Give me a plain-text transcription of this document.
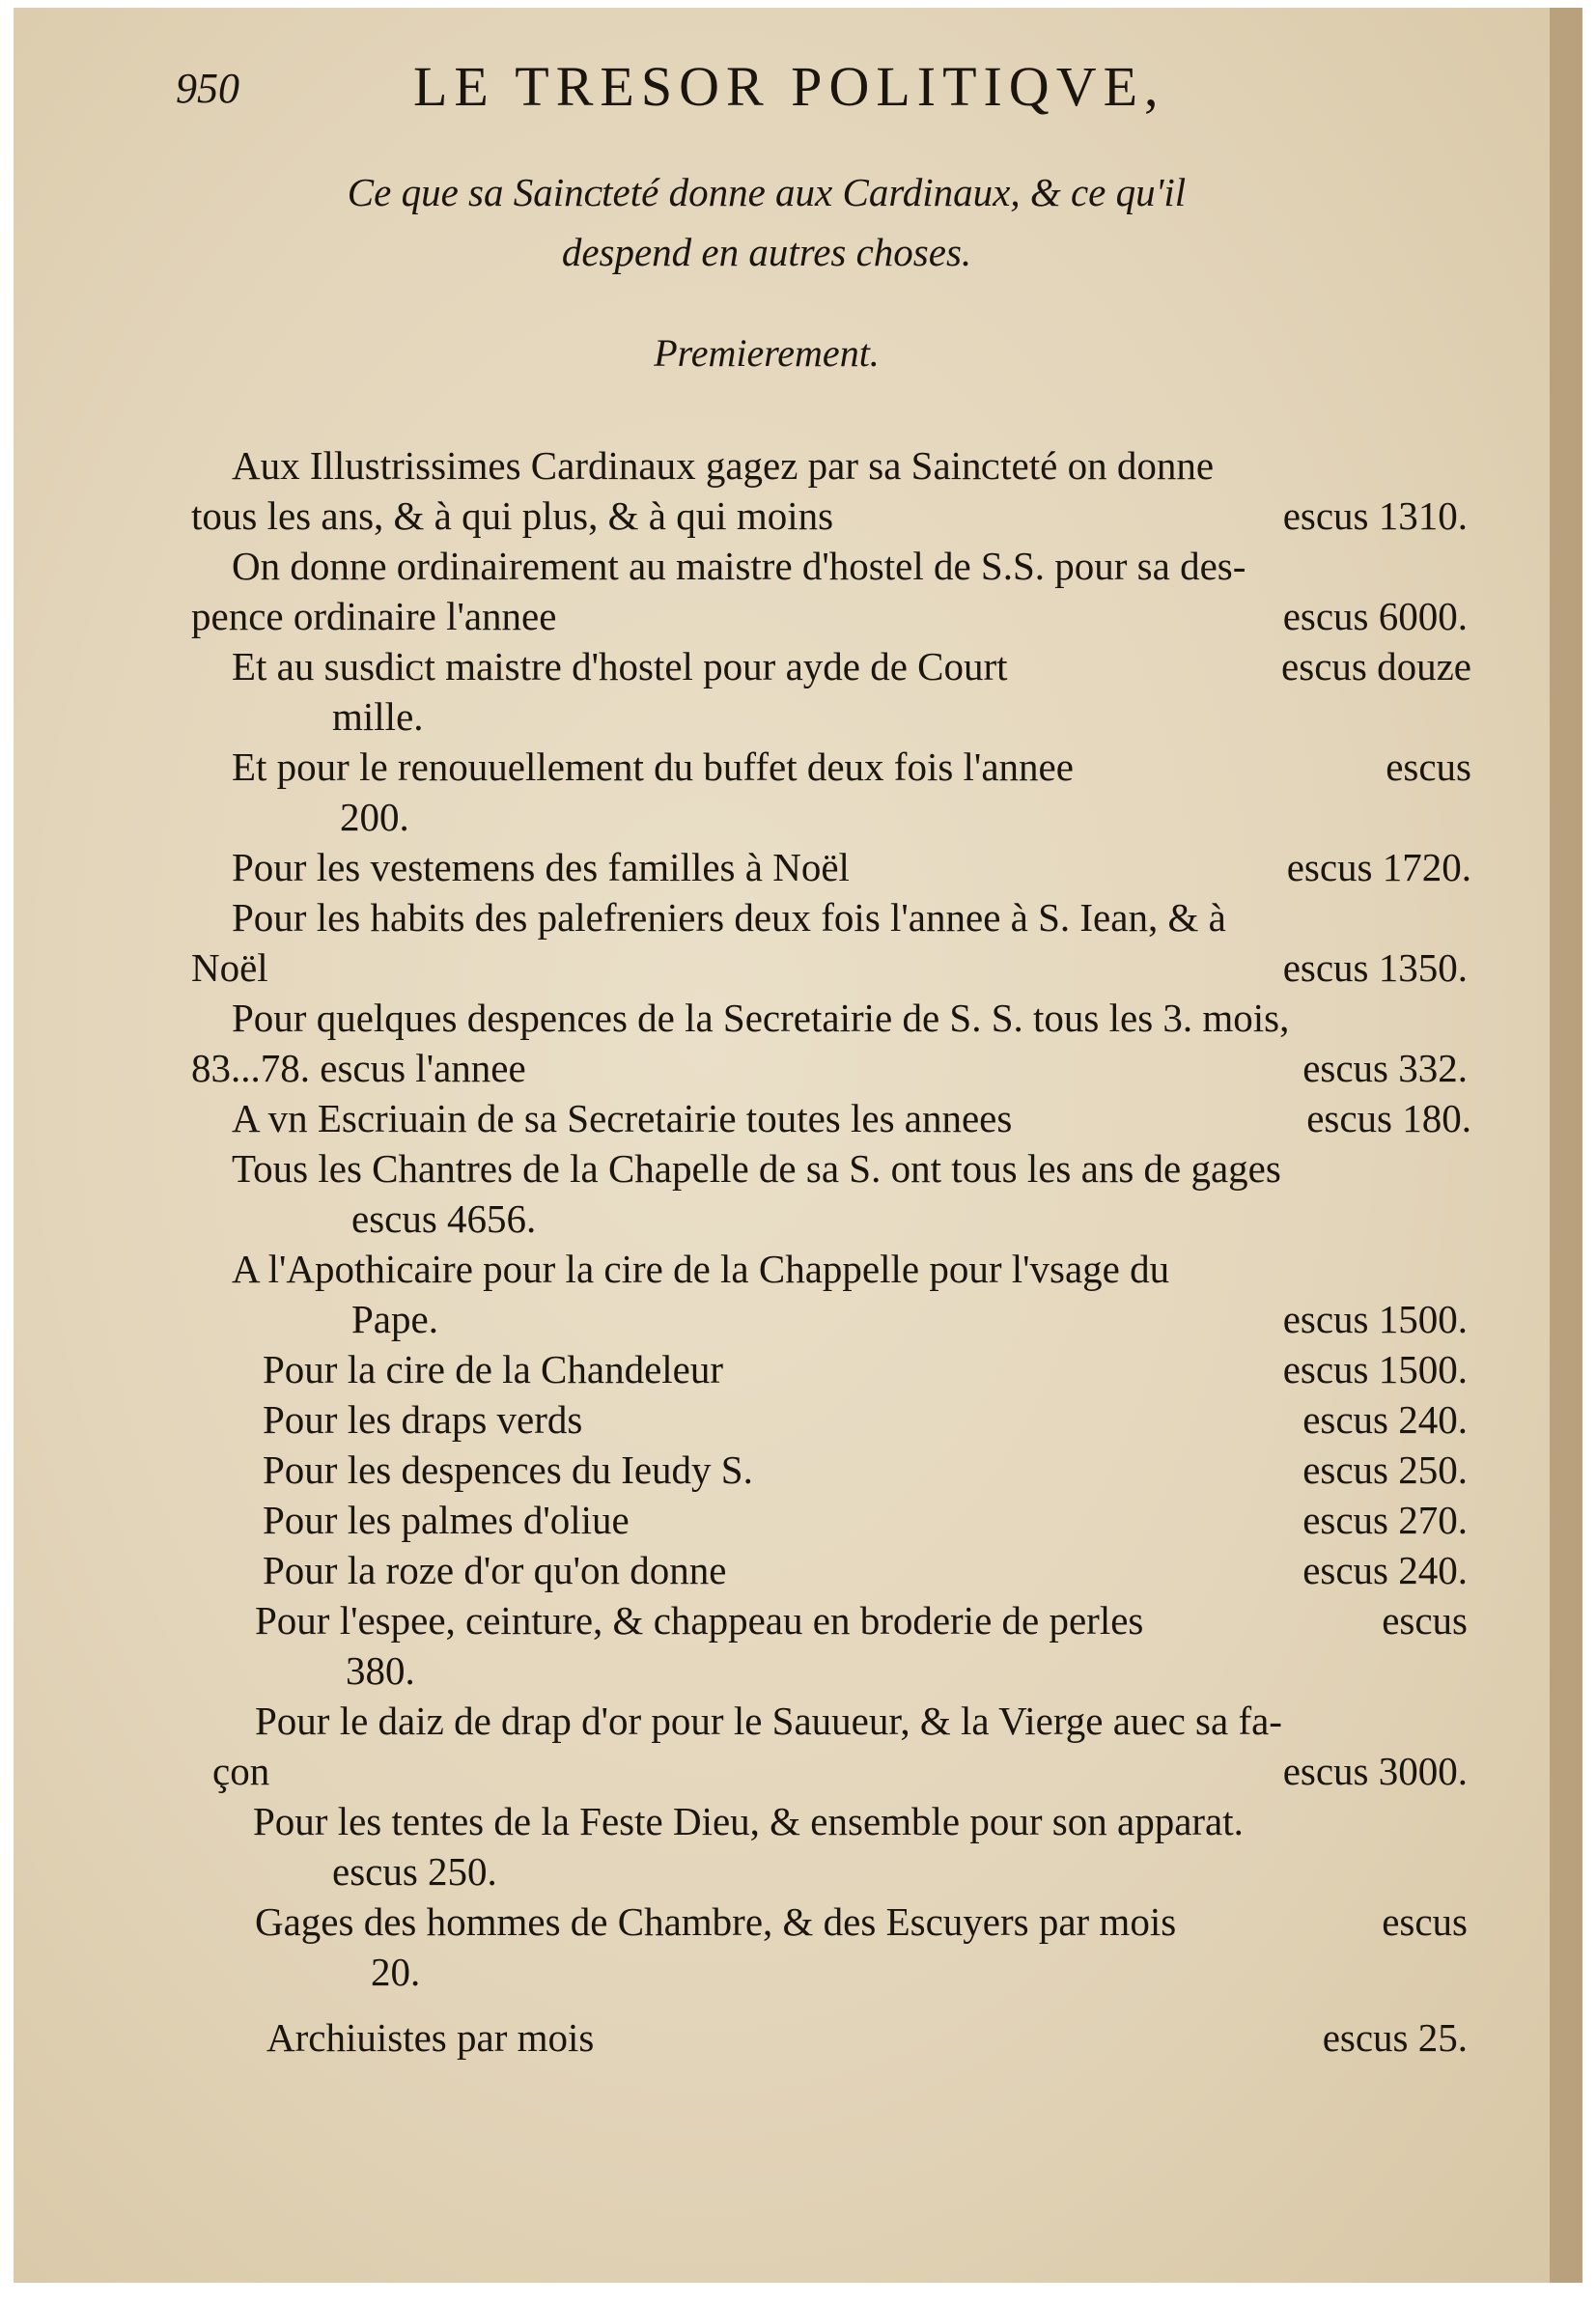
950	LE TRESOR POLITIQVE,
Ce que sa Sainᴄteté donne aux Cardinaux, & ce qu'il
despend en autres choses.
Premierement.
Aux Illustrissimes Cardinaux gagez par sa Sainᴄteté on donne
tous les ans, & à qui plus, & à qui moins	escus 1310.
On donne ordinairement au maistre d'hostel de S.S. pour sa des-
pence ordinaire l'annee	escus 6000.
Et au susdiᴄt maistre d'hostel pour ayde de Court	escus douze
mille.
Et pour le renouuellement du buffet deux fois l'annee	escus
200.
Pour les vestemens des familles à Noël	escus 1720.
Pour les habits des palefreniers deux fois l'annee à S. Iean, & à
Noël	escus 1350.
Pour quelques despences de la Secretairie de S. S. tous les 3. mois,
83...78. escus l'annee	escus 332.
A vn Escriuain de sa Secretairie toutes les annees	escus 180.
Tous les Chantres de la Chapelle de sa S. ont tous les ans de gages
escus 4656.
A l'Apothicaire pour la cire de la Chappelle pour l'vsage du
Pape.	escus 1500.
Pour la cire de la Chandeleur	escus 1500.
Pour les draps verds	escus 240.
Pour les despences du Ieudy S.	escus 250.
Pour les palmes d'oliue	escus 270.
Pour la roze d'or qu'on donne	escus 240.
Pour l'espee, ceinture, & chappeau en broderie de perles	escus
380.
Pour le daiz de drap d'or pour le Sauueur, & la Vierge auec sa fa-
çon	escus 3000.
Pour les tentes de la Feste Dieu, & ensemble pour son apparat.
escus 250.
Gages des hommes de Chambre, & des Escuyers par mois	escus
20.
Archiuistes par mois	escus 25.
